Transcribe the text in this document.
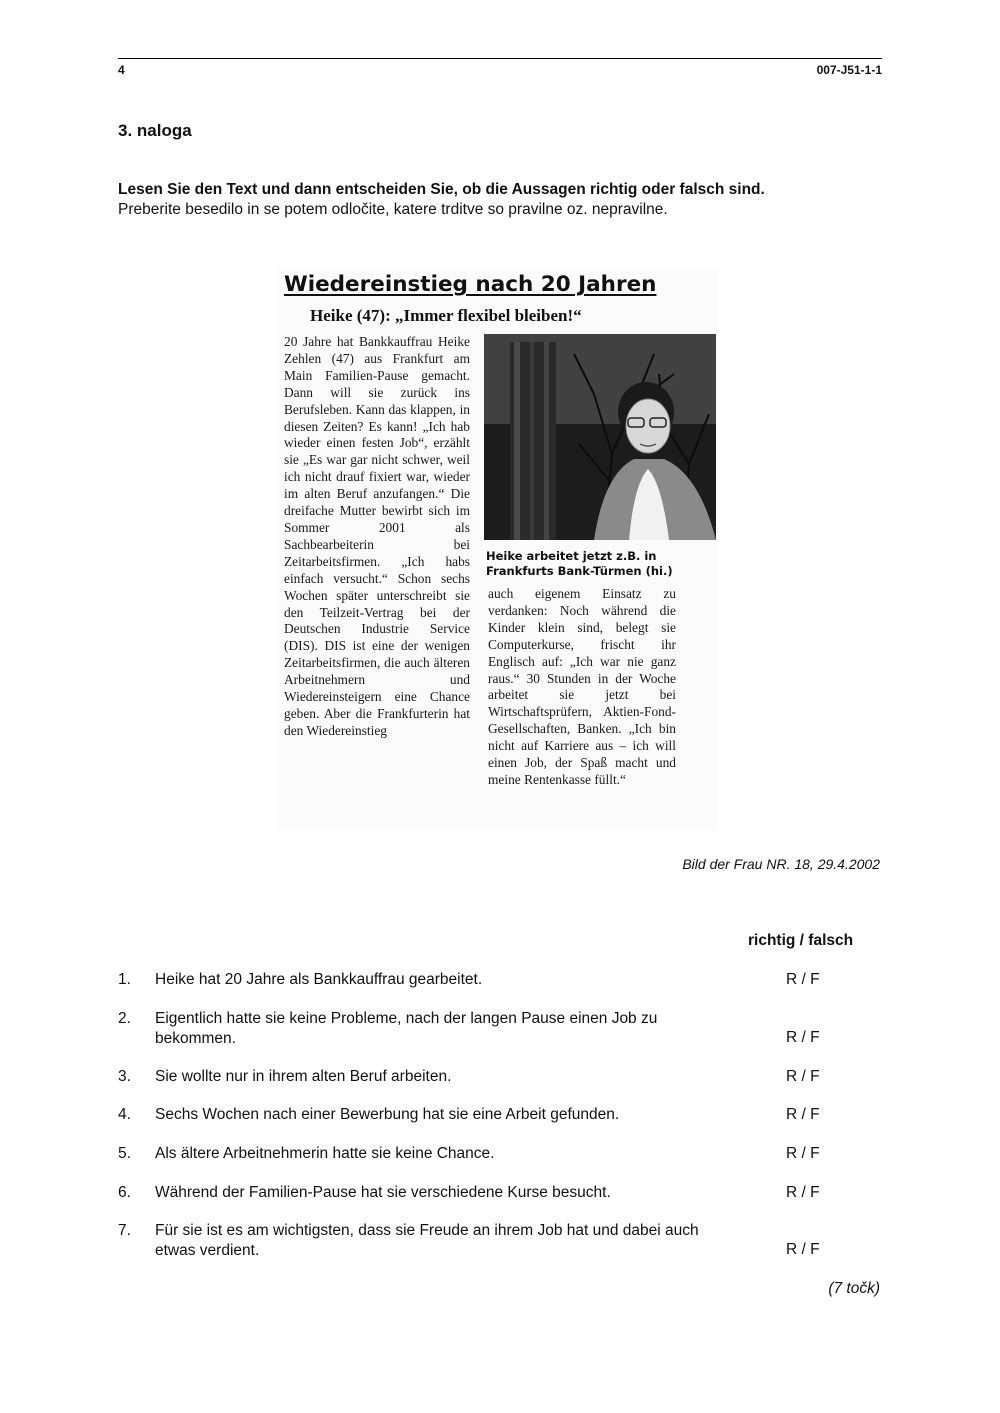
4	007-J51-1-1
3. naloga
Lesen Sie den Text und dann entscheiden Sie, ob die Aussagen richtig oder falsch sind.
Preberite besedilo in se potem odločite, katere trditve so pravilne oz. nepravilne.
Wiedereinstieg nach 20 Jahren
Heike (47): „Immer flexibel bleiben!“
20 Jahre hat Bankkauffrau Heike Zehlen (47) aus Frankfurt am Main Familien-Pause gemacht. Dann will sie zurück ins Berufsleben. Kann das klappen, in diesen Zeiten? Es kann! „Ich hab wieder einen festen Job“, erzählt sie „Es war gar nicht schwer, weil ich nicht drauf fixiert war, wieder im alten Beruf anzufangen.“ Die dreifache Mutter bewirbt sich im Sommer 2001 als Sachbearbeiterin bei Zeitarbeitsfirmen. „Ich habs einfach versucht.“ Schon sechs Wochen später unterschreibt sie den Teilzeit-Vertrag bei der Deutschen Industrie Service (DIS). DIS ist eine der wenigen Zeitarbeitsfirmen, die auch älteren Arbeitnehmern und Wiedereinsteigern eine Chance geben. Aber die Frankfurterin hat den Wiedereinstieg
Heike arbeitet jetzt z.B. in
Frankfurts Bank-Türmen (hi.)
auch eigenem Einsatz zu verdanken: Noch während die Kinder klein sind, belegt sie Computerkurse, frischt ihr Englisch auf: „Ich war nie ganz raus.“ 30 Stunden in der Woche arbeitet sie jetzt bei Wirtschaftsprüfern, Aktien-Fond-Gesellschaften, Banken. „Ich bin nicht auf Karriere aus – ich will einen Job, der Spaß macht und meine Rentenkasse füllt.“
Bild der Frau NR. 18, 29.4.2002
richtig / falsch
1. Heike hat 20 Jahre als Bankkauffrau gearbeitet.	R / F
2. Eigentlich hatte sie keine Probleme, nach der langen Pause einen Job zu bekommen.	R / F
3. Sie wollte nur in ihrem alten Beruf arbeiten.	R / F
4. Sechs Wochen nach einer Bewerbung hat sie eine Arbeit gefunden.	R / F
5. Als ältere Arbeitnehmerin hatte sie keine Chance.	R / F
6. Während der Familien-Pause hat sie verschiedene Kurse besucht.	R / F
7. Für sie ist es am wichtigsten, dass sie Freude an ihrem Job hat und dabei auch etwas verdient.	R / F
(7 točk)
